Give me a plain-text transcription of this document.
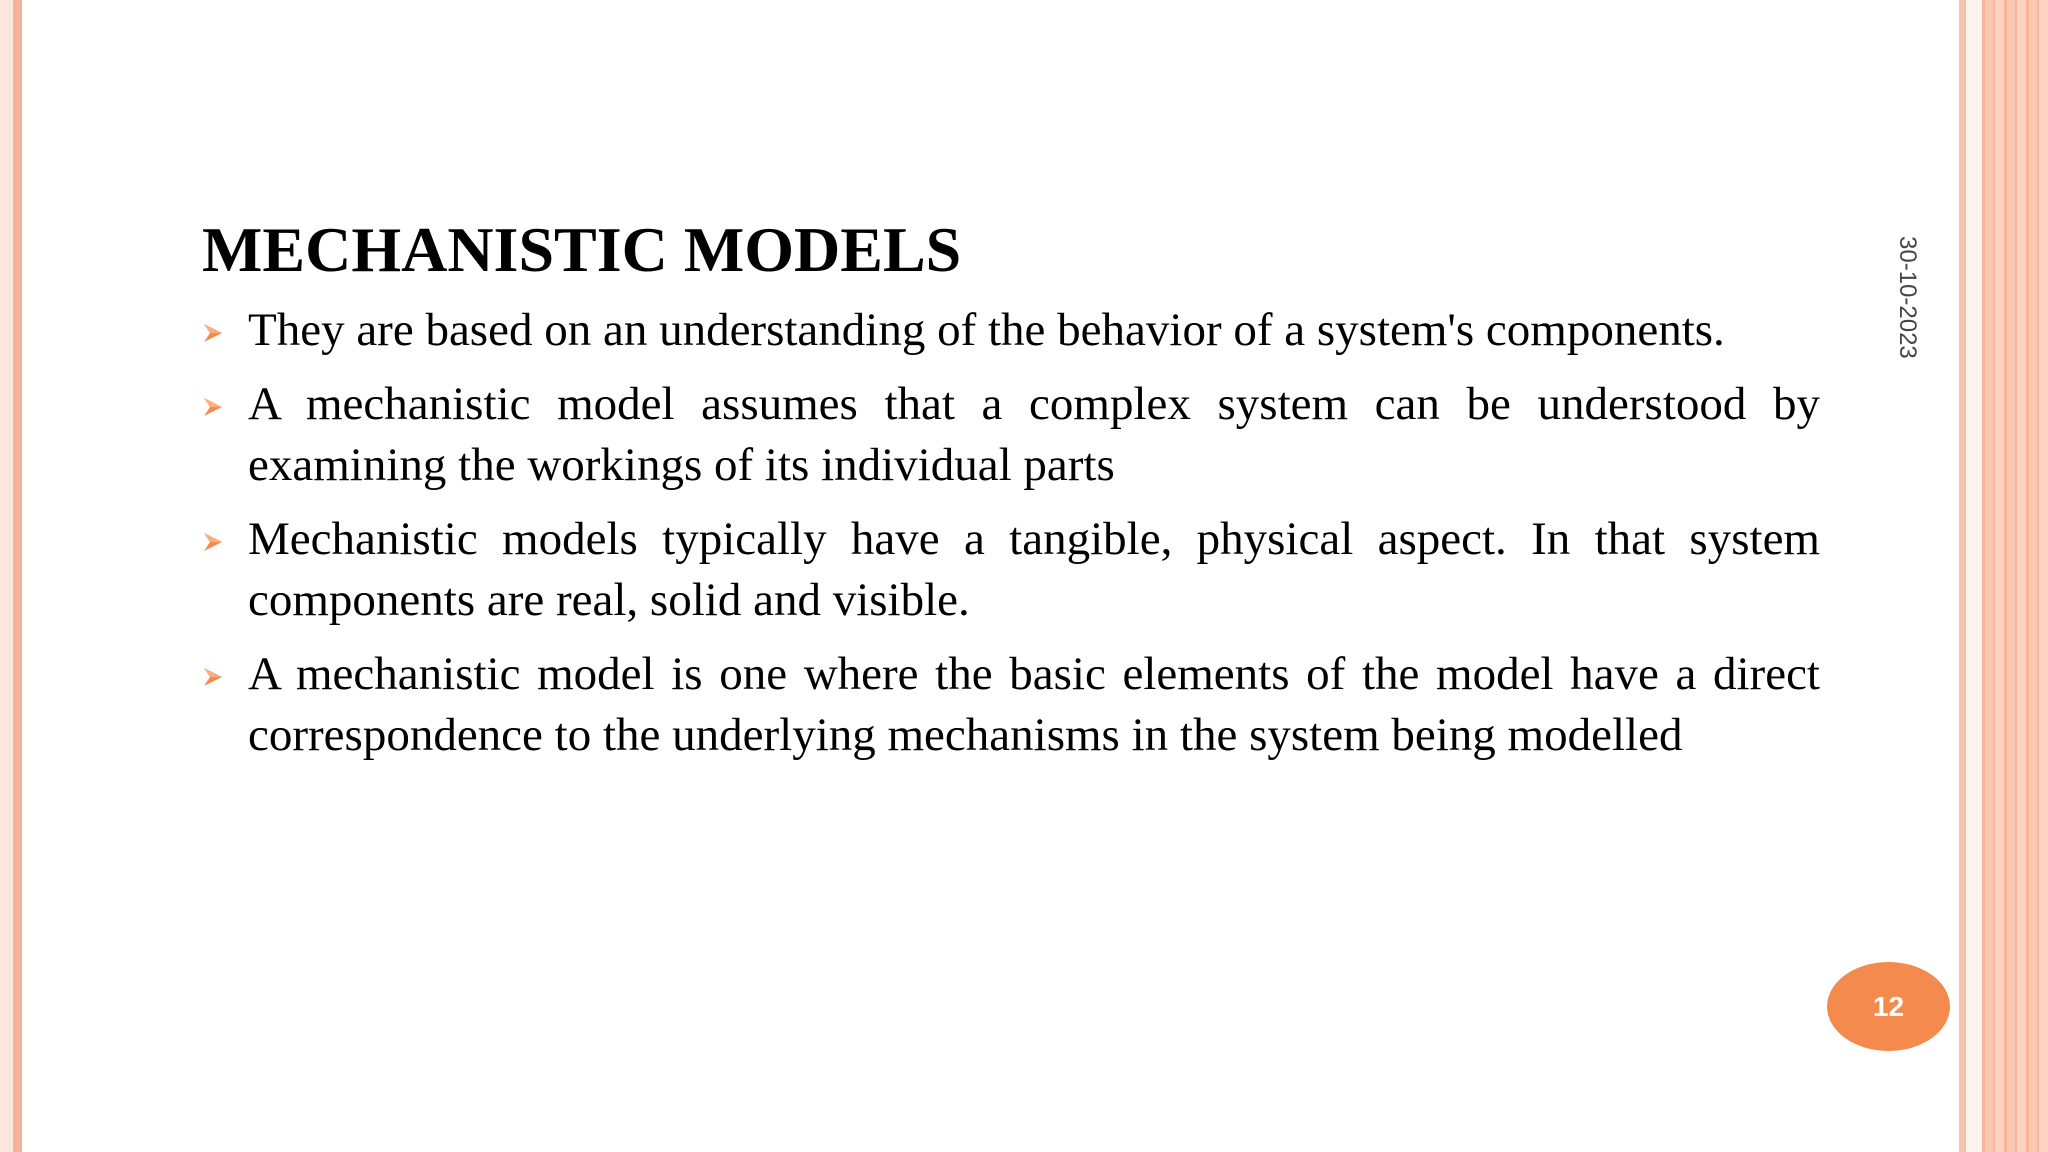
MECHANISTIC MODELS
They are based on an understanding of the behavior of a system's components.
A mechanistic model assumes that a complex system can be understood by examining the workings of its individual parts
Mechanistic models typically have a tangible, physical aspect. In that system components are real, solid and visible.
A mechanistic model is one where the basic elements of the model have a direct correspondence to the underlying mechanisms in the system being modelled
30-10-2023
12
